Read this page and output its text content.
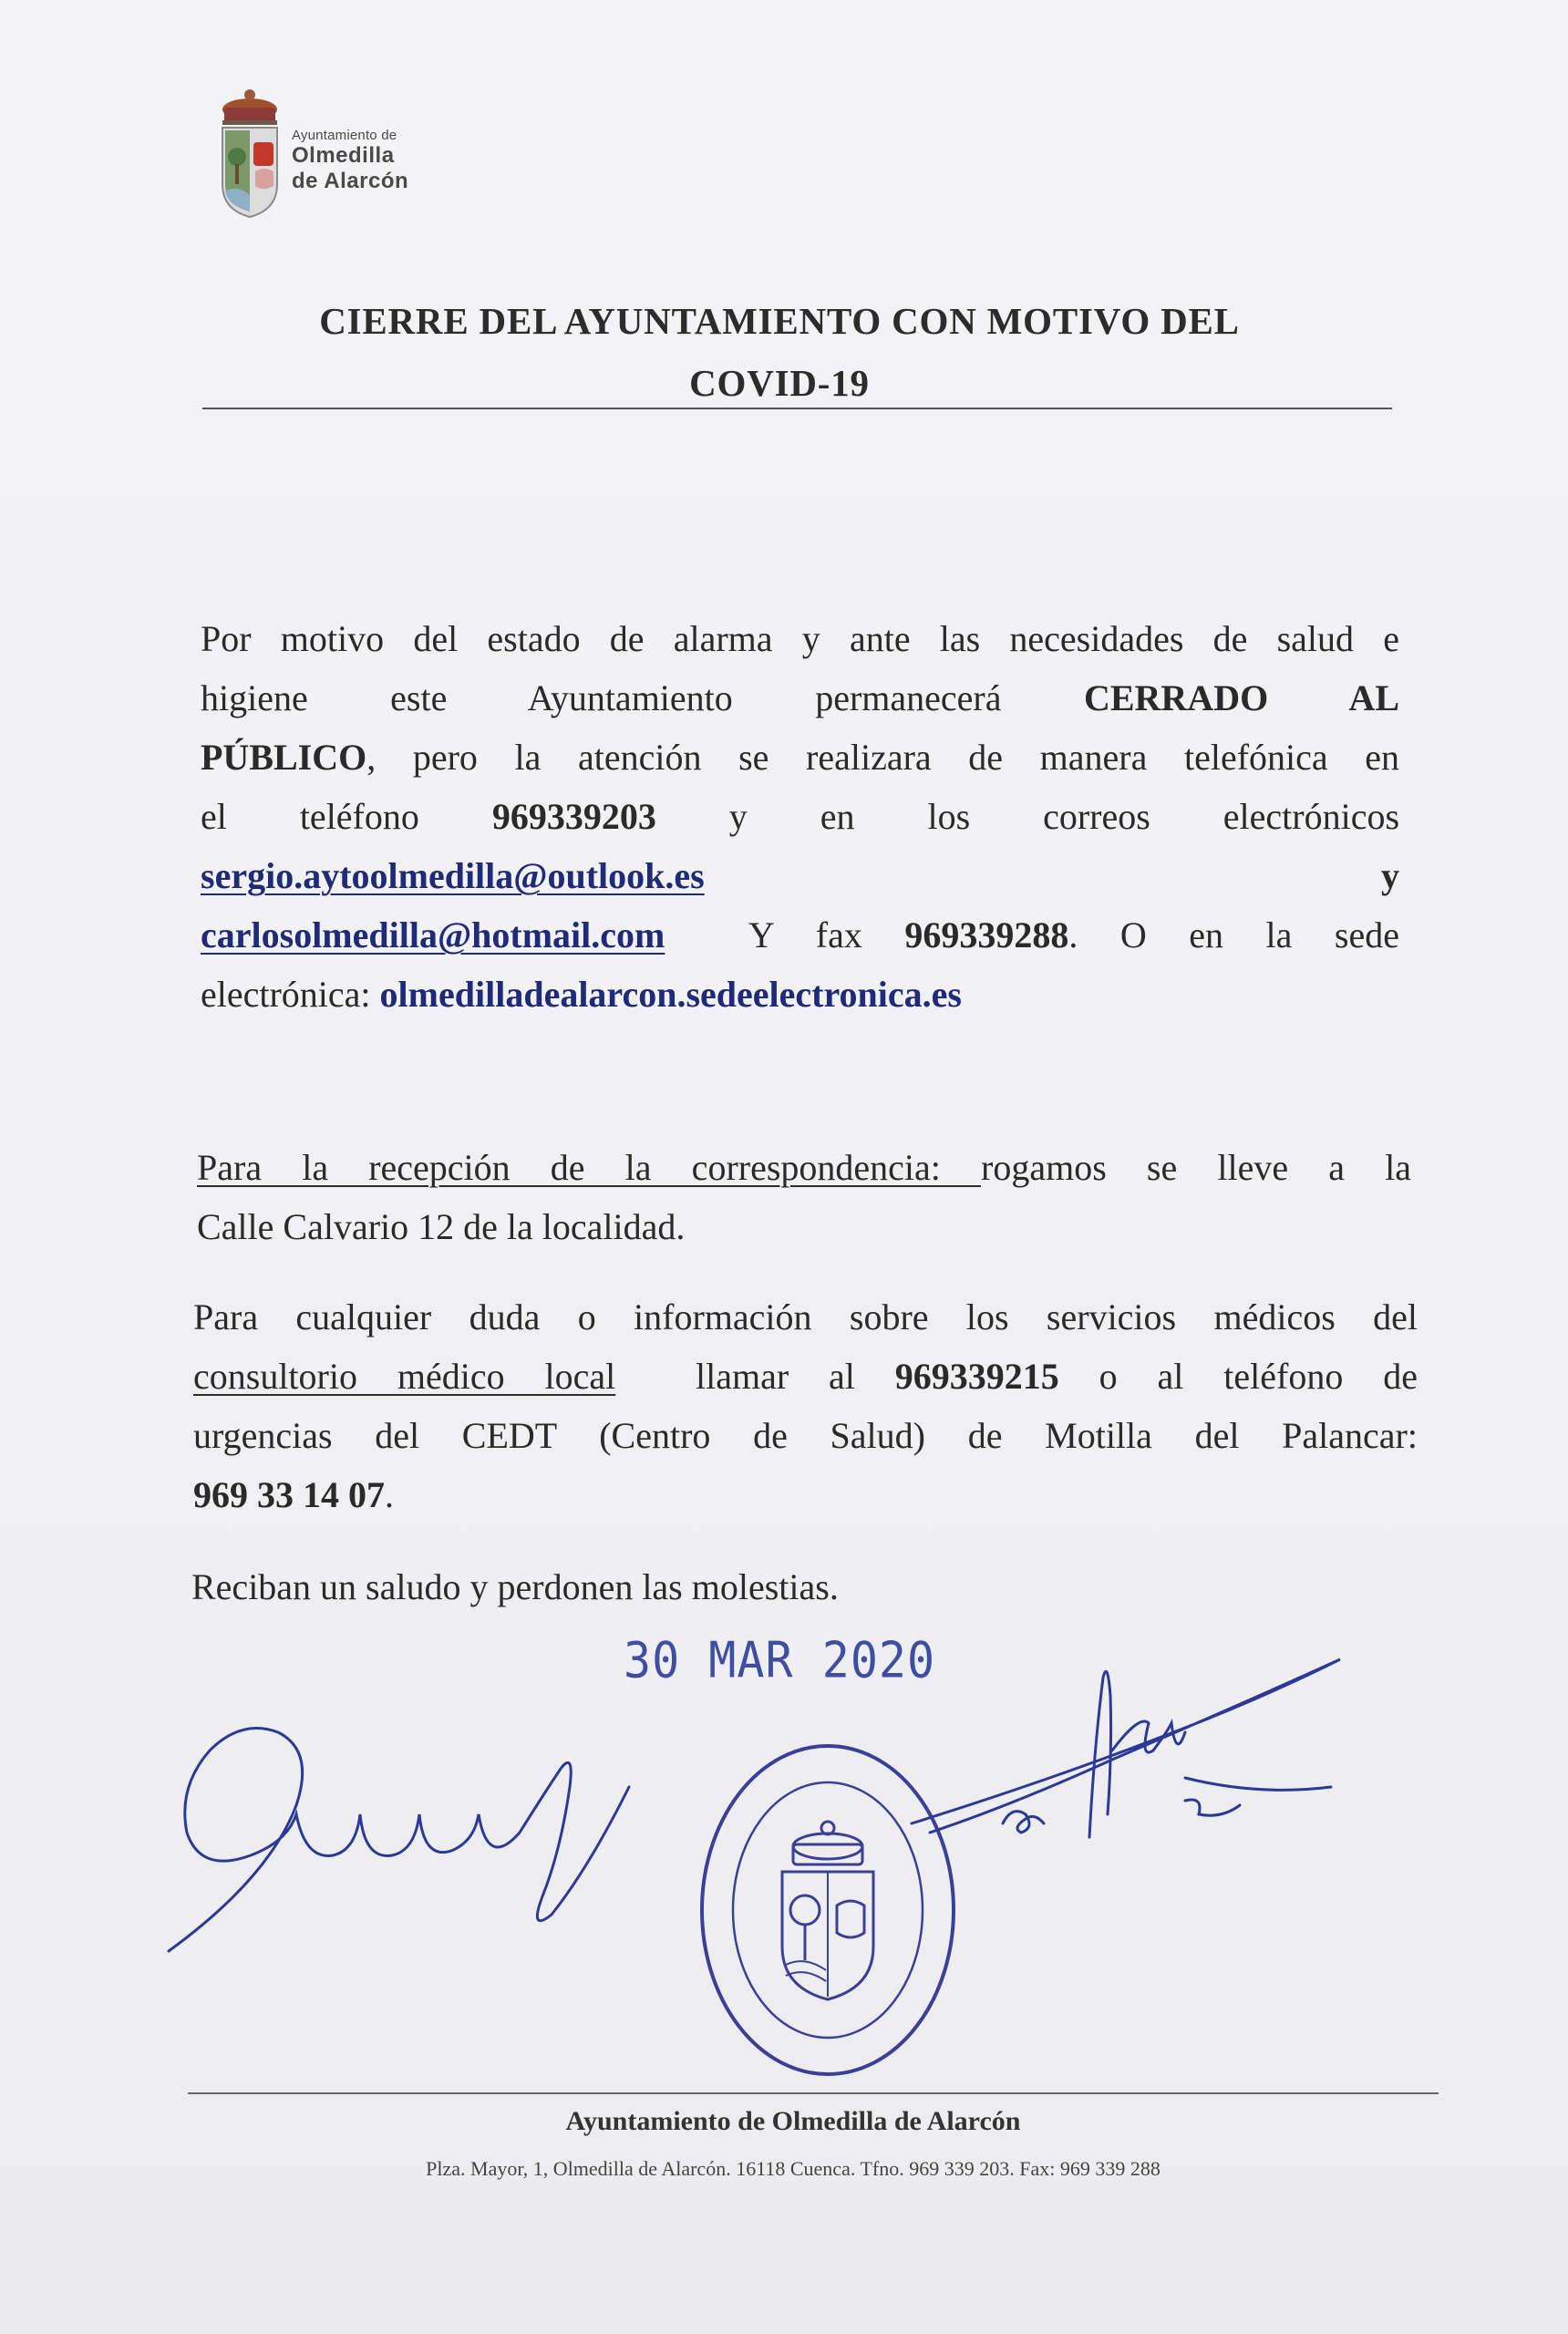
Ayuntamiento de
Olmedilla
de Alarcón
CIERRE DEL AYUNTAMIENTO CON MOTIVO DEL
COVID-19
Por motivo del estado de alarma y ante las necesidades de salud e
higiene este Ayuntamiento permanecerá CERRADO AL
PÚBLICO, pero la atención se realizara de manera telefónica en
el teléfono 969339203 y en los correos electrónicos
sergio.aytoolmedilla@outlook.es	y
carlosolmedilla@hotmail.com  Y fax 969339288. O en la sede
electrónica: olmedilladealarcon.sedeelectronica.es
Para la recepción de la correspondencia: rogamos se lleve a la
Calle Calvario 12 de la localidad.
Para cualquier duda o información sobre los servicios médicos del
consultorio médico local  llamar al 969339215 o al teléfono de
urgencias del CEDT (Centro de Salud) de Motilla del Palancar:
969 33 14 07.
Reciban un saludo y perdonen las molestias.
30 MAR 2020
Ayuntamiento de Olmedilla de Alarcón
Plza. Mayor, 1, Olmedilla de Alarcón. 16118 Cuenca. Tfno. 969 339 203. Fax: 969 339 288
